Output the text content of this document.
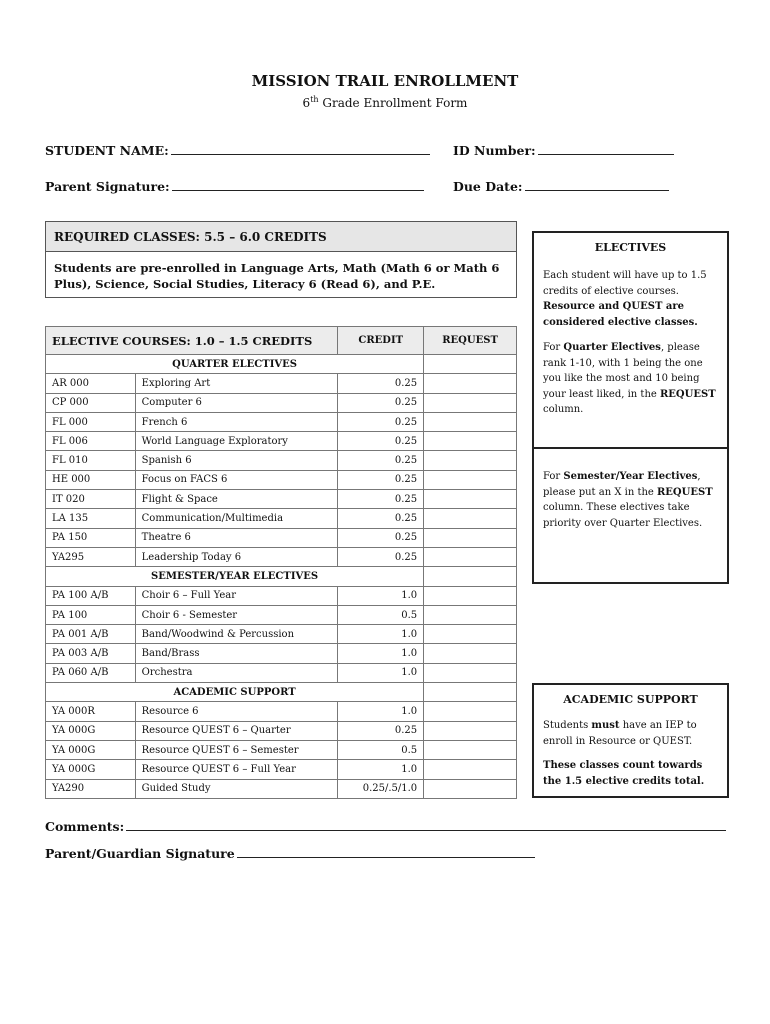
MISSION TRAIL ENROLLMENT
6th Grade Enrollment Form
STUDENT NAME:	ID Number:
Parent Signature:	Due Date:
REQUIRED CLASSES: 5.5 – 6.0 CREDITS
Students are pre-enrolled in Language Arts, Math (Math 6 or Math 6 Plus), Science, Social Studies, Literacy 6 (Read 6), and P.E.
ELECTIVE COURSES: 1.0 – 1.5 CREDITS		CREDIT	REQUEST
QUARTER ELECTIVES			
AR 000	Exploring Art	0.25	
CP 000	Computer 6	0.25	
FL 000	French 6	0.25	
FL 006	World Language Exploratory	0.25	
FL 010	Spanish 6	0.25	
HE 000	Focus on FACS 6	0.25	
IT 020	Flight & Space	0.25	
LA 135	Communication/Multimedia	0.25	
PA 150	Theatre 6	0.25	
YA295	Leadership Today 6	0.25	
SEMESTER/YEAR ELECTIVES			
PA 100 A/B	Choir 6 – Full Year	1.0	
PA 100	Choir 6 - Semester	0.5	
PA 001 A/B	Band/Woodwind & Percussion	1.0	
PA 003 A/B	Band/Brass	1.0	
PA 060 A/B	Orchestra	1.0	
ACADEMIC SUPPORT			
YA 000R	Resource 6	1.0	
YA 000G	Resource QUEST 6 – Quarter	0.25	
YA 000G	Resource QUEST 6 – Semester	0.5	
YA 000G	Resource QUEST 6 – Full Year	1.0	
YA290	Guided Study	0.25/.5/1.0	
ELECTIVES

Each student will have up to 1.5 credits of elective courses. Resource and QUEST are considered elective classes.

For Quarter Electives, please rank 1-10, with 1 being the one you like the most and 10 being your least liked, in the REQUEST column.

For Semester/Year Electives, please put an X in the REQUEST column. These electives take priority over Quarter Electives.

ACADEMIC SUPPORT

Students must have an IEP to enroll in Resource or QUEST.

These classes count towards the 1.5 elective credits total.

Comments:
Parent/Guardian Signature
